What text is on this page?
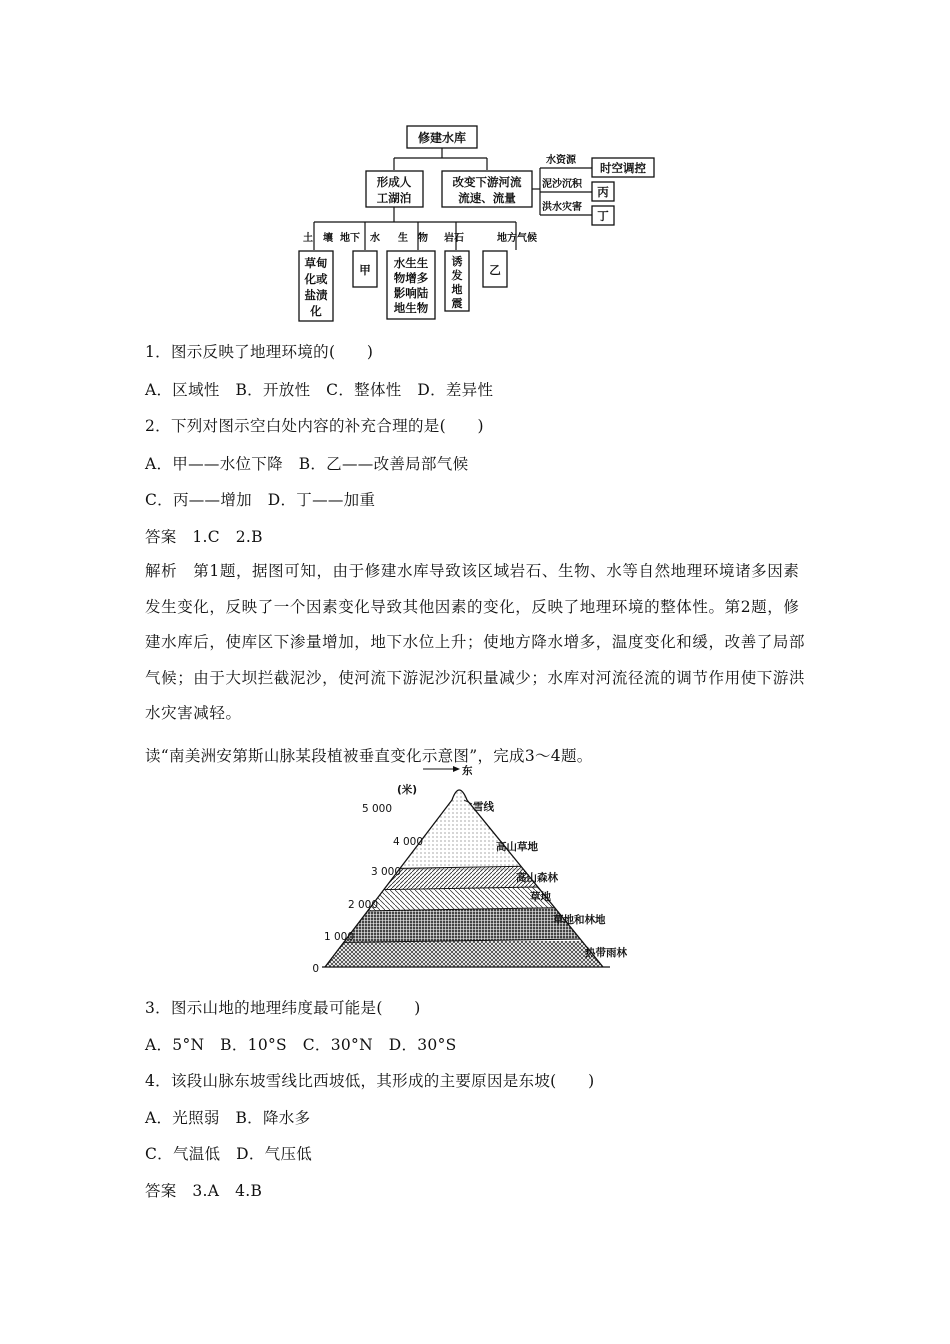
修建水库
形成人
工湖泊
改变下游河流
流速、流量
水资源
泥沙沉积
洪水灾害
时空调控
丙
丁
土　壤 地下　水 生　物 岩石	地方气候
草甸
化或
盐渍
化
甲 水生生
物增多
影响陆
地生物
诱
发
地
震
乙
1．图示反映了地理环境的(　　)
A．区域性　B．开放性　C．整体性　D．差异性
2．下列对图示空白处内容的补充合理的是(　　)
A．甲——水位下降　B．乙——改善局部气候
C．丙——增加　D．丁——加重
答案　1.C　2.B
解析　第1题，据图可知，由于修建水库导致该区域岩石、生物、水等自然地理环境诸多因素发生变化，反映了一个因素变化导致其他因素的变化，反映了地理环境的整体性。第2题，修建水库后，使库区下渗量增加，地下水位上升；使地方降水增多，温度变化和缓，改善了局部气候；由于大坝拦截泥沙，使河流下游泥沙沉积量减少；水库对河流径流的调节作用使下游洪水灾害减轻。
读“南美洲安第斯山脉某段植被垂直变化示意图”，完成3～4题。
东
(米)
5 000
4 000
3 000
2 000
1 000
0
雪线
高山草地
高山森林
草地
草地和林地
热带雨林
3．图示山地的地理纬度最可能是(　　)
A．5°N　B．10°S　C．30°N　D．30°S
4．该段山脉东坡雪线比西坡低，其形成的主要原因是东坡(　　)
A．光照弱　B．降水多
C．气温低　D．气压低
答案　3.A　4.B
